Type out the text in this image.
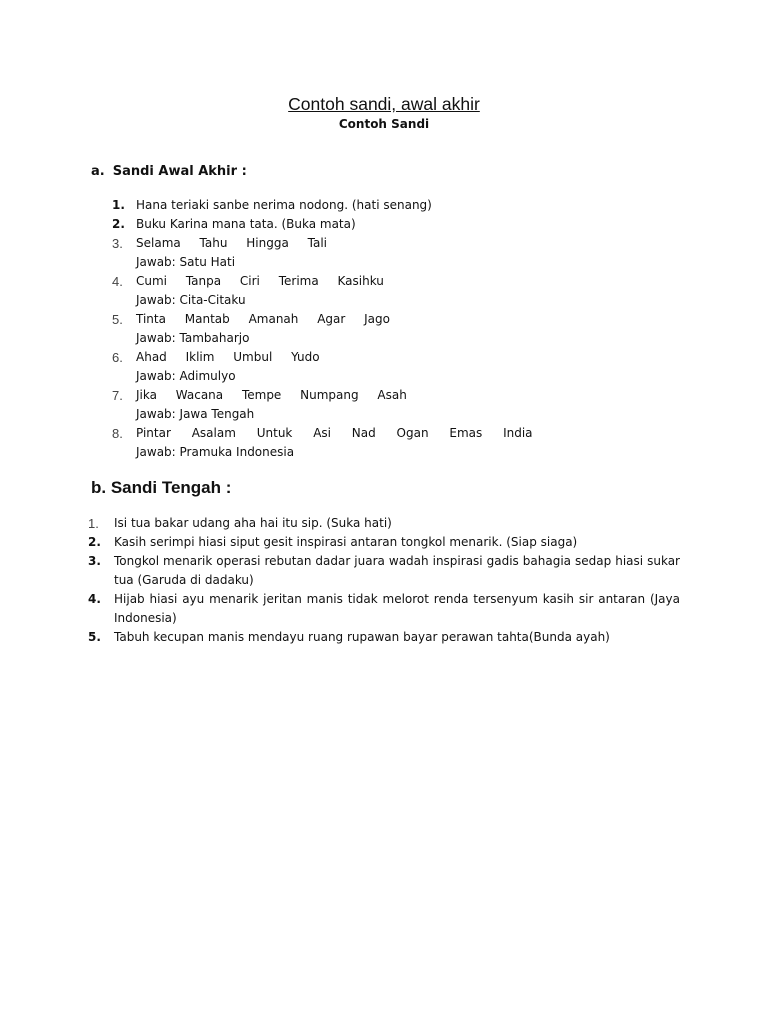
Contoh sandi, awal akhir
Contoh Sandi
a. Sandi Awal Akhir :
1. Hana teriaki sanbe nerima nodong. (hati senang)
2. Buku Karina mana tata. (Buka mata)
3.	Selama Tahu Hingga Tali
Jawab: Satu Hati
4.	Cumi Tanpa Ciri Terima Kasihku
Jawab: Cita-Citaku
5.	Tinta Mantab Amanah Agar Jago
Jawab: Tambaharjo
6.	Ahad Iklim Umbul Yudo
Jawab: Adimulyo
7.	Jika Wacana Tempe Numpang Asah
Jawab: Jawa Tengah
8.	Pintar Asalam Untuk Asi Nad Ogan Emas India
Jawab: Pramuka Indonesia
b. Sandi Tengah :
1.	Isi tua bakar udang aha hai itu sip. (Suka hati)
2.	Kasih serimpi hiasi siput gesit inspirasi antaran tongkol menarik. (Siap siaga)
3.	Tongkol menarik operasi rebutan dadar juara wadah inspirasi gadis bahagia sedap hiasi sukar tua (Garuda di dadaku)
4.	Hijab hiasi ayu menarik jeritan manis tidak melorot renda tersenyum kasih sir antaran (Jaya Indonesia)
5.	Tabuh kecupan manis mendayu ruang rupawan bayar perawan tahta(Bunda ayah)
